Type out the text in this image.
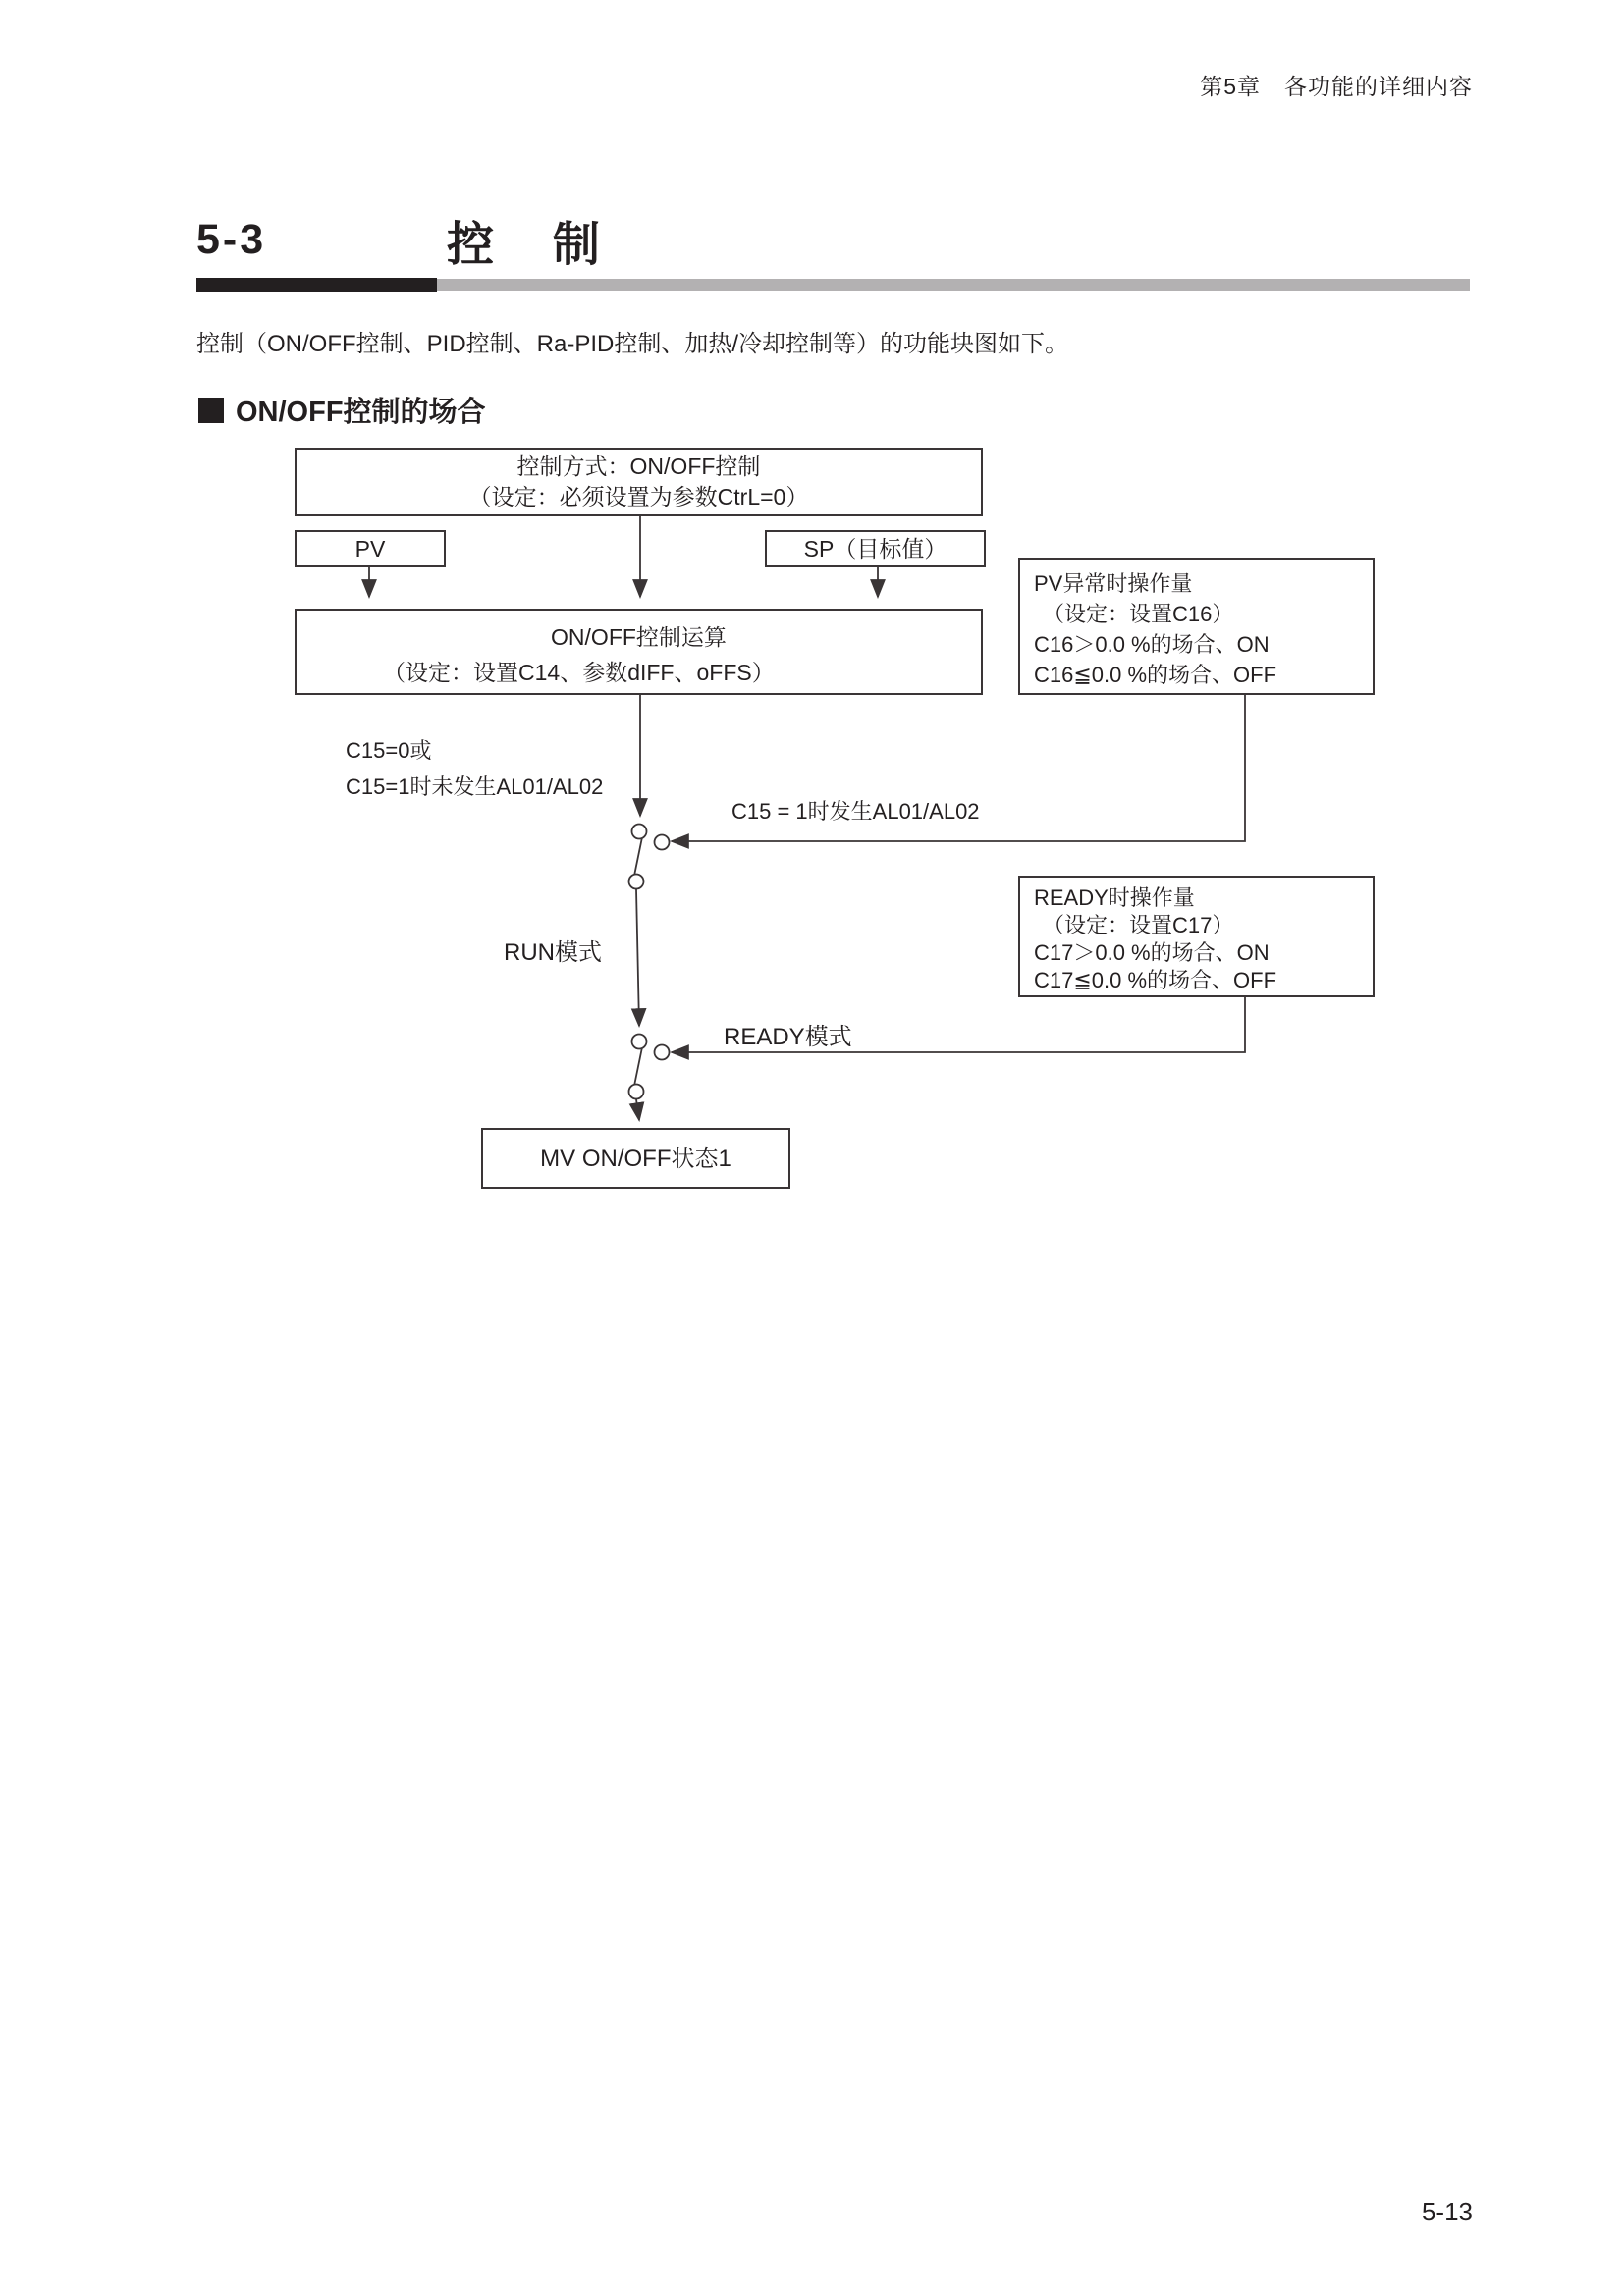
第5章　各功能的详细内容
5-3	控　制
控制（ON/OFF控制、PID控制、Ra-PID控制、加热/冷却控制等）的功能块图如下。
ON/OFF控制的场合
控制方式：ON/OFF控制
（设定：必须设置为参数CtrL=0）
PV	SP（目标值）
ON/OFF控制运算
（设定：设置C14、参数dIFF、oFFS）
PV异常时操作量
（设定：设置C16）
C16＞0.0 %的场合、ON
C16≦0.0 %的场合、OFF
READY时操作量
（设定：设置C17）
C17＞0.0 %的场合、ON
C17≦0.0 %的场合、OFF
MV ON/OFF状态1
C15=0或
C15=1时未发生AL01/AL02
C15 = 1时发生AL01/AL02
RUN模式
READY模式
5-13
